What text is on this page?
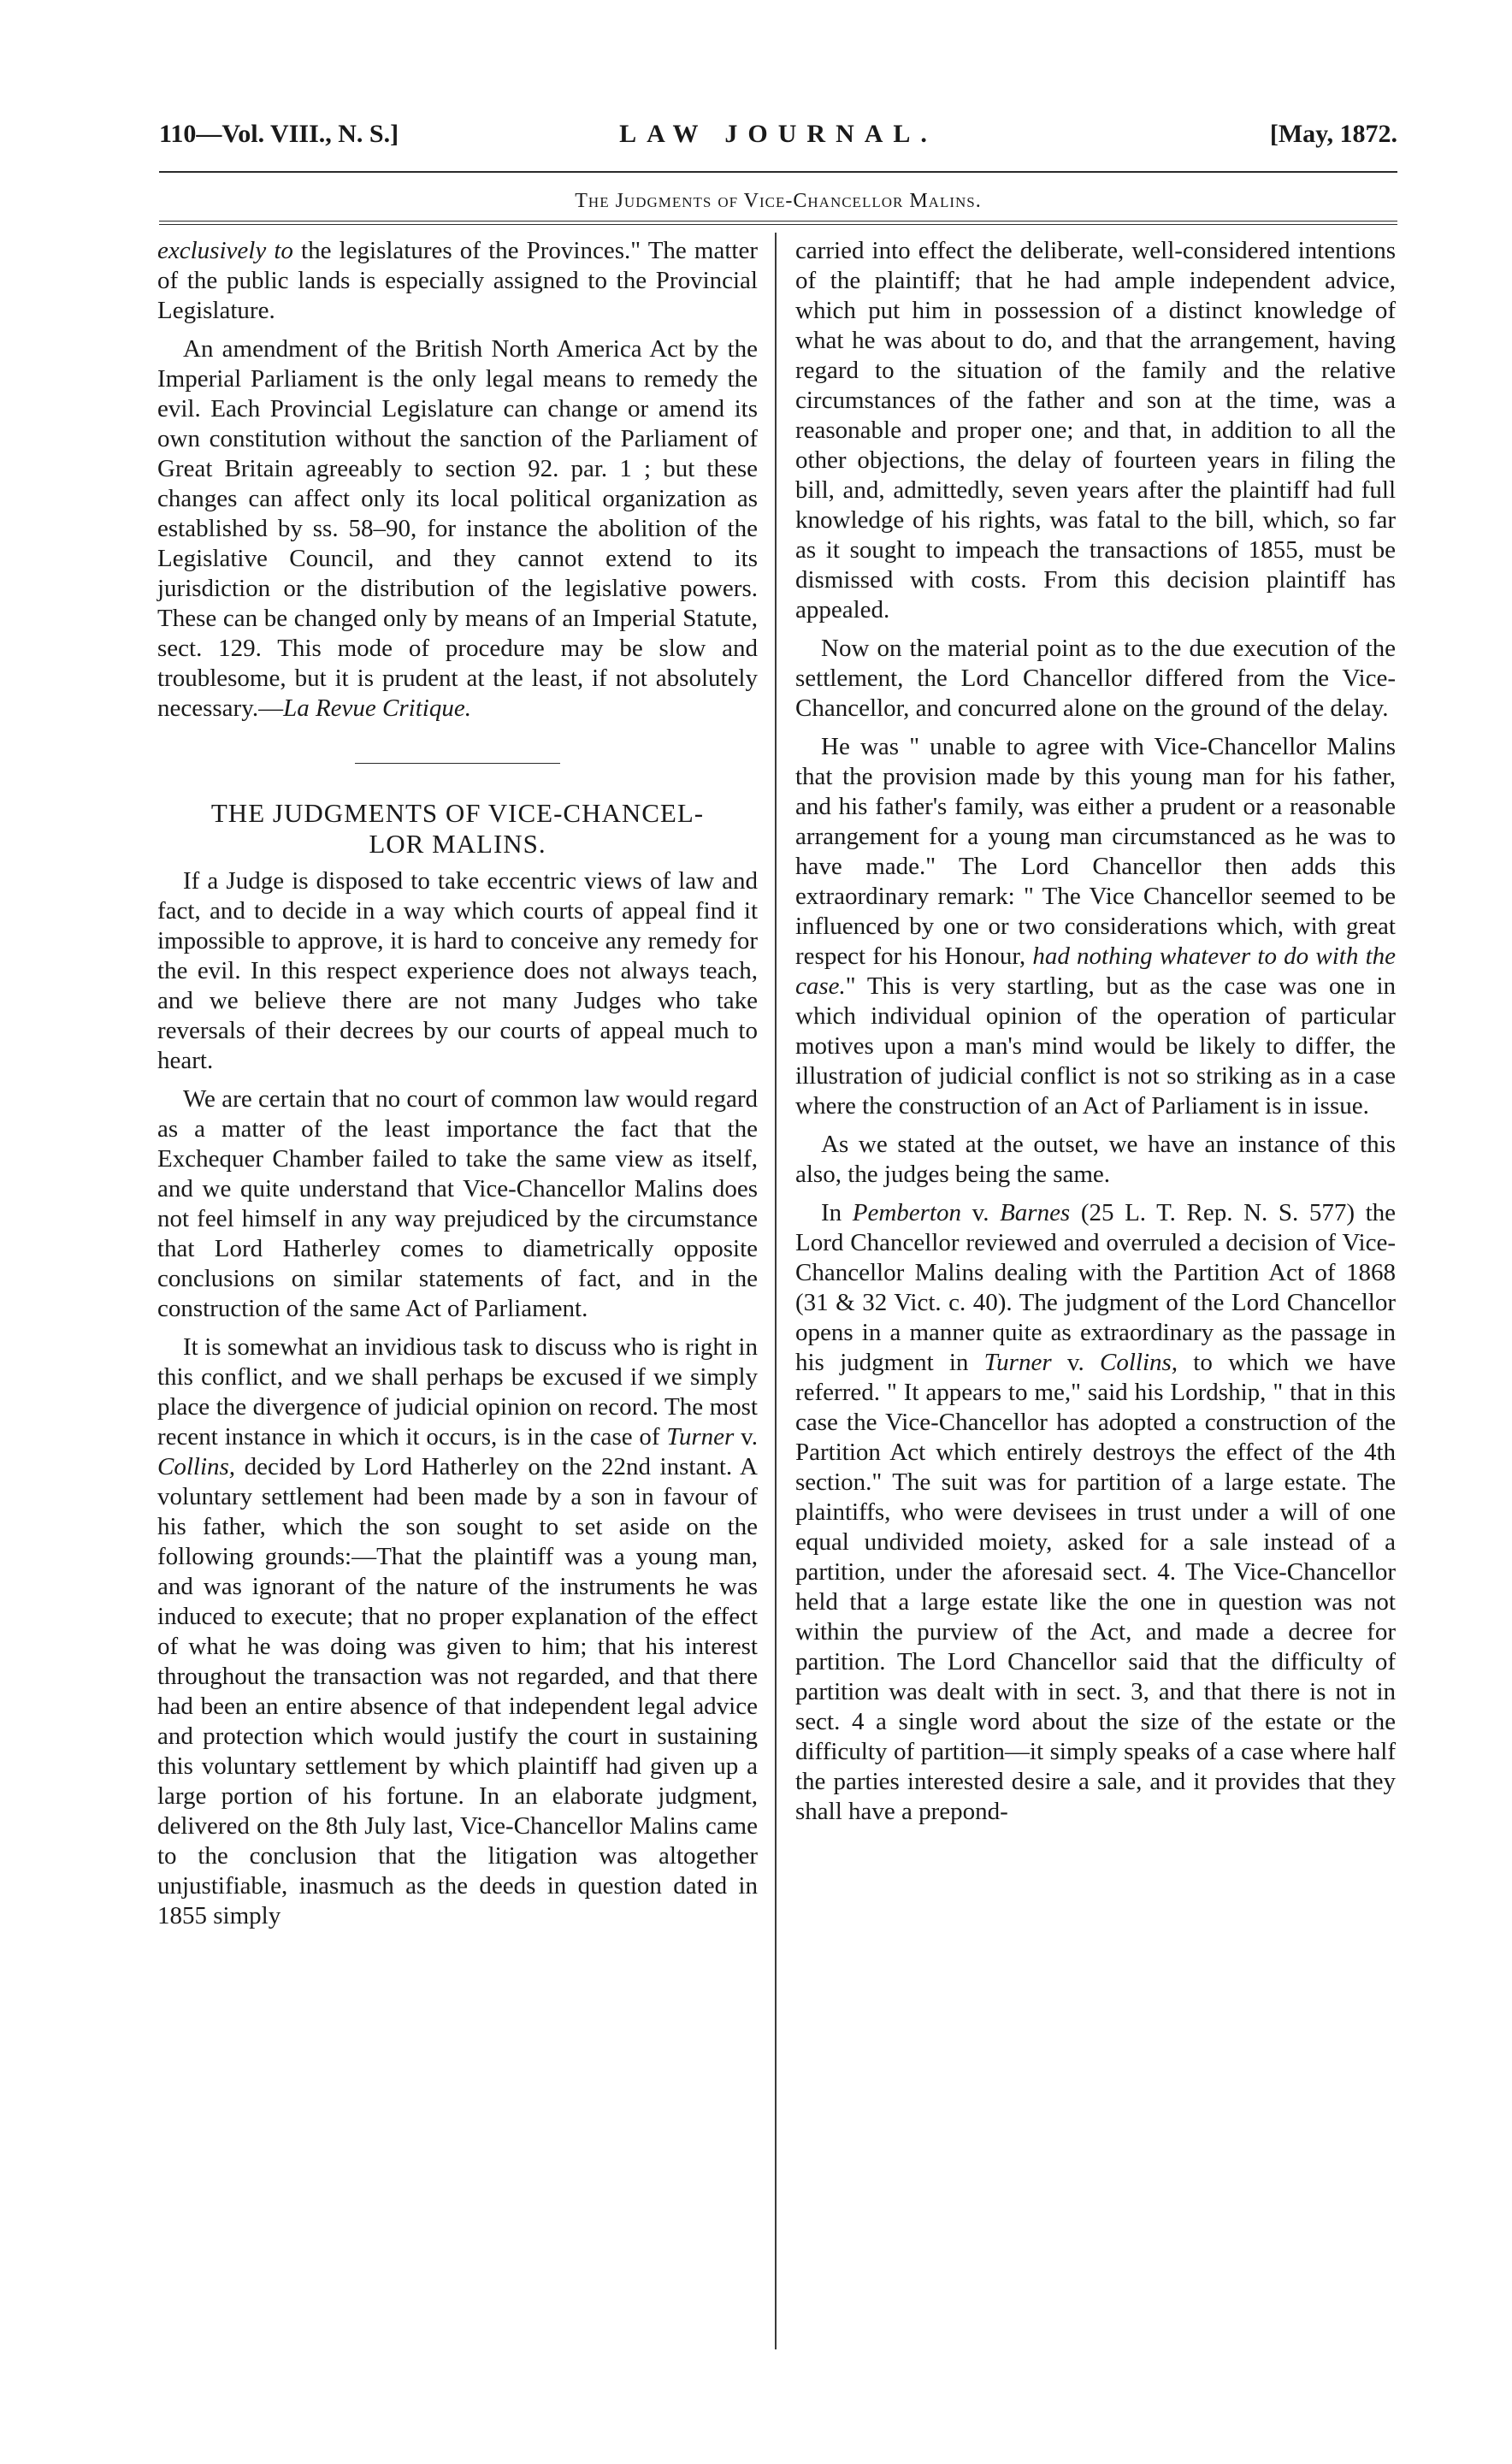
110—Vol. VIII., N. S.]	LAW JOURNAL.	[May, 1872.
The Judgments of Vice-Chancellor Malins.

exclusively to the legislatures of the Provinces." The matter of the public lands is especially assigned to the Provincial Legislature.

An amendment of the British North America Act by the Imperial Parliament is the only legal means to remedy the evil. Each Provincial Legislature can change or amend its own constitution without the sanction of the Parliament of Great Britain agreeably to section 92. par. 1 ; but these changes can affect only its local political organization as established by ss. 58–90, for instance the abolition of the Legislative Council, and they cannot extend to its jurisdiction or the distribution of the legislative powers. These can be changed only by means of an Imperial Statute, sect. 129. This mode of procedure may be slow and troublesome, but it is prudent at the least, if not absolutely necessary.—La Revue Critique.

THE JUDGMENTS OF VICE-CHANCEL-
LOR MALINS.

If a Judge is disposed to take eccentric views of law and fact, and to decide in a way which courts of appeal find it impossible to approve, it is hard to conceive any remedy for the evil. In this respect experience does not always teach, and we believe there are not many Judges who take reversals of their decrees by our courts of appeal much to heart.

We are certain that no court of common law would regard as a matter of the least importance the fact that the Exchequer Chamber failed to take the same view as itself, and we quite understand that Vice-Chancellor Malins does not feel himself in any way prejudiced by the circumstance that Lord Hatherley comes to diametrically opposite conclusions on similar statements of fact, and in the construction of the same Act of Parliament.

It is somewhat an invidious task to discuss who is right in this conflict, and we shall perhaps be excused if we simply place the divergence of judicial opinion on record. The most recent instance in which it occurs, is in the case of Turner v. Collins, decided by Lord Hatherley on the 22nd instant. A voluntary settlement had been made by a son in favour of his father, which the son sought to set aside on the following grounds:—That the plaintiff was a young man, and was ignorant of the nature of the instruments he was induced to execute; that no proper explanation of the effect of what he was doing was given to him; that his interest throughout the transaction was not regarded, and that there had been an entire absence of that independent legal advice and protection which would justify the court in sustaining this voluntary settlement by which plaintiff had given up a large portion of his fortune. In an elaborate judgment, delivered on the 8th July last, Vice-Chancellor Malins came to the conclusion that the litigation was altogether unjustifiable, inasmuch as the deeds in question dated in 1855 simply

carried into effect the deliberate, well-considered intentions of the plaintiff; that he had ample independent advice, which put him in possession of a distinct knowledge of what he was about to do, and that the arrangement, having regard to the situation of the family and the relative circumstances of the father and son at the time, was a reasonable and proper one; and that, in addition to all the other objections, the delay of fourteen years in filing the bill, and, admittedly, seven years after the plaintiff had full knowledge of his rights, was fatal to the bill, which, so far as it sought to impeach the transactions of 1855, must be dismissed with costs. From this decision plaintiff has appealed.

Now on the material point as to the due execution of the settlement, the Lord Chancellor differed from the Vice-Chancellor, and concurred alone on the ground of the delay.

He was " unable to agree with Vice-Chancellor Malins that the provision made by this young man for his father, and his father's family, was either a prudent or a reasonable arrangement for a young man circumstanced as he was to have made." The Lord Chancellor then adds this extraordinary remark: " The Vice Chancellor seemed to be influenced by one or two considerations which, with great respect for his Honour, had nothing whatever to do with the case." This is very startling, but as the case was one in which individual opinion of the operation of particular motives upon a man's mind would be likely to differ, the illustration of judicial conflict is not so striking as in a case where the construction of an Act of Parliament is in issue.

As we stated at the outset, we have an instance of this also, the judges being the same.

In Pemberton v. Barnes (25 L. T. Rep. N. S. 577) the Lord Chancellor reviewed and overruled a decision of Vice-Chancellor Malins dealing with the Partition Act of 1868 (31 & 32 Vict. c. 40). The judgment of the Lord Chancellor opens in a manner quite as extraordinary as the passage in his judgment in Turner v. Collins, to which we have referred. " It appears to me," said his Lordship, " that in this case the Vice-Chancellor has adopted a construction of the Partition Act which entirely destroys the effect of the 4th section." The suit was for partition of a large estate. The plaintiffs, who were devisees in trust under a will of one equal undivided moiety, asked for a sale instead of a partition, under the aforesaid sect. 4. The Vice-Chancellor held that a large estate like the one in question was not within the purview of the Act, and made a decree for partition. The Lord Chancellor said that the difficulty of partition was dealt with in sect. 3, and that there is not in sect. 4 a single word about the size of the estate or the difficulty of partition—it simply speaks of a case where half the parties interested desire a sale, and it provides that they shall have a prepond-
